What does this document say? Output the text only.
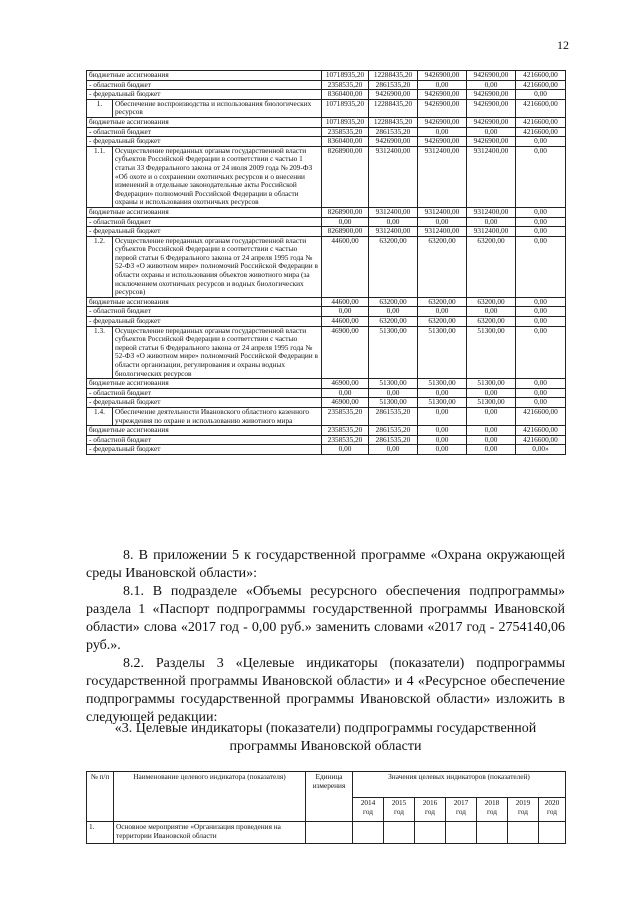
12
бюджетные ассигнования		10718935,20	12288435,20	9426900,00	9426900,00	4216600,00
- областной бюджет		2358535,20	2861535,20	0,00	0,00	4216600,00
- федеральный бюджет		8360400,00	9426900,00	9426900,00	9426900,00	0,00
1.	Обеспечение воспроизводства и использования биологических ресурсов	10718935,20	12288435,20	9426900,00	9426900,00	4216600,00
бюджетные ассигнования		10718935,20	12288435,20	9426900,00	9426900,00	4216600,00
- областной бюджет		2358535,20	2861535,20	0,00	0,00	4216600,00
- федеральный бюджет		8360400,00	9426900,00	9426900,00	9426900,00	0,00
1.1.	Осуществление переданных органам государственной власти субъектов Российской Федерации в соответствии с частью 1 статьи 33 Федерального закона от 24 июля 2009 года № 209-ФЗ «Об охоте и о сохранении охотничьих ресурсов и о внесении изменений в отдельные законодательные акты Российской Федерации» полномочий Российской Федерации в области охраны и использования охотничьих ресурсов	8268900,00	9312400,00	9312400,00	9312400,00	0,00
бюджетные ассигнования		8268900,00	9312400,00	9312400,00	9312400,00	0,00
- областной бюджет		0,00	0,00	0,00	0,00	0,00
- федеральный бюджет		8268900,00	9312400,00	9312400,00	9312400,00	0,00
1.2.	Осуществление переданных органам государственной власти субъектов Российской Федерации в соответствии с частью первой статьи 6 Федерального закона от 24 апреля 1995 года № 52-ФЗ «О животном мире» полномочий Российской Федерации в области охраны и использования объектов животного мира (за исключением охотничьих ресурсов и водных биологических ресурсов)	44600,00	63200,00	63200,00	63200,00	0,00
бюджетные ассигнования		44600,00	63200,00	63200,00	63200,00	0,00
- областной бюджет		0,00	0,00	0,00	0,00	0,00
- федеральный бюджет		44600,00	63200,00	63200,00	63200,00	0,00
1.3.	Осуществление переданных органам государственной власти субъектов Российской Федерации в соответствии с частью первой статьи 6 Федерального закона от 24 апреля 1995 года № 52-ФЗ «О животном мире» полномочий Российской Федерации в области организации, регулирования и охраны водных биологических ресурсов	46900,00	51300,00	51300,00	51300,00	0,00
бюджетные ассигнования		46900,00	51300,00	51300,00	51300,00	0,00
- областной бюджет		0,00	0,00	0,00	0,00	0,00
- федеральный бюджет		46900,00	51300,00	51300,00	51300,00	0,00
1.4.	Обеспечение деятельности Ивановского областного казенного учреждения по охране и использованию животного мира	2358535,20	2861535,20	0,00	0,00	4216600,00
бюджетные ассигнования		2358535,20	2861535,20	0,00	0,00	4216600,00
- областной бюджет		2358535,20	2861535,20	0,00	0,00	4216600,00
- федеральный бюджет		0,00	0,00	0,00	0,00	0,00»
8. В приложении 5 к государственной программе «Охрана окружающей среды Ивановской области»:
8.1. В подразделе «Объемы ресурсного обеспечения подпрограммы» раздела 1 «Паспорт подпрограммы государственной программы Ивановской области» слова «2017 год - 0,00 руб.» заменить словами «2017 год - 2754140,06 руб.».
8.2. Разделы 3 «Целевые индикаторы (показатели) подпрограммы государственной программы Ивановской области» и 4 «Ресурсное обеспечение подпрограммы государственной программы Ивановской области» изложить в следующей редакции:
«3. Целевые индикаторы (показатели) подпрограммы государственной программы Ивановской области
№ п/п	Наименование целевого индикатора (показателя)	Единица измерения	Значения целевых индикаторов (показателей)						
			2014 год	2015 год	2016 год	2017 год	2018 год	2019 год	2020 год
1.	Основное мероприятие «Организация проведения на территории Ивановской области								
